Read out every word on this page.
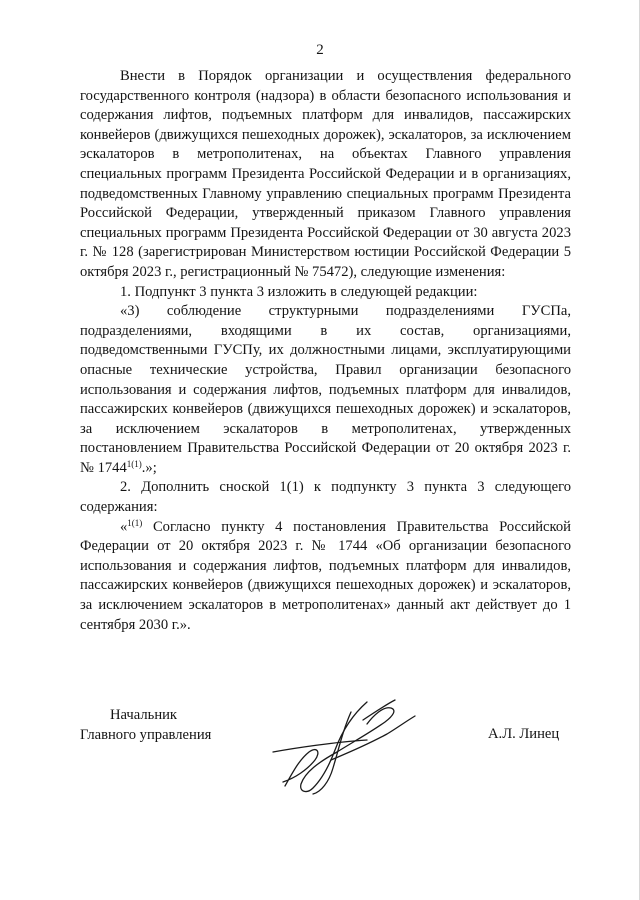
2

Внести в Порядок организации и осуществления федерального государственного контроля (надзора) в области безопасного использования и содержания лифтов, подъемных платформ для инвалидов, пассажирских конвейеров (движущихся пешеходных дорожек), эскалаторов, за исключением эскалаторов в метрополитенах, на объектах Главного управления специальных программ Президента Российской Федерации и в организациях, подведомственных Главному управлению специальных программ Президента Российской Федерации, утвержденный приказом Главного управления специальных программ Президента Российской Федерации от 30 августа 2023 г. № 128 (зарегистрирован Министерством юстиции Российской Федерации 5 октября 2023 г., регистрационный № 75472), следующие изменения:

1. Подпункт 3 пункта 3 изложить в следующей редакции:

«3) соблюдение структурными подразделениями ГУСПа, подразделениями, входящими в их состав, организациями, подведомственными ГУСПу, их должностными лицами, эксплуатирующими опасные технические устройства, Правил организации безопасного использования и содержания лифтов, подъемных платформ для инвалидов, пассажирских конвейеров (движущихся пешеходных дорожек) и эскалаторов, за исключением эскалаторов в метрополитенах, утвержденных постановлением Правительства Российской Федерации от 20 октября 2023 г. № $1744^{1(1)}$.»;

2. Дополнить сноской 1(1) к подпункту 3 пункта 3 следующего содержания:

«$^{1(1)}$ Согласно пункту 4 постановления Правительства Российской Федерации от 20 октября 2023 г. № 1744 «Об организации безопасного использования и содержания лифтов, подъемных платформ для инвалидов, пассажирских конвейеров (движущихся пешеходных дорожек) и эскалаторов, за исключением эскалаторов в метрополитенах» данный акт действует до 1 сентября 2030 г.».

Начальник
Главного управления	А.Л. Линец
